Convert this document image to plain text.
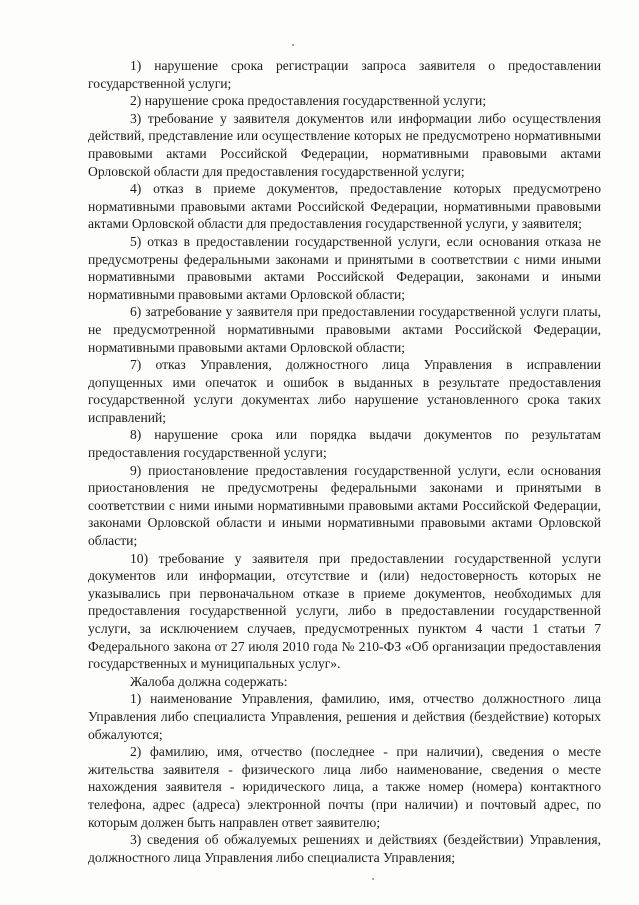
1) нарушение срока регистрации запроса заявителя о предоставлении государственной услуги;

2) нарушение срока предоставления государственной услуги;

3) требование у заявителя документов или информации либо осуществления действий, представление или осуществление которых не предусмотрено нормативными правовыми актами Российской Федерации, нормативными правовыми актами Орловской области для предоставления государственной услуги;

4) отказ в приеме документов, предоставление которых предусмотрено нормативными правовыми актами Российской Федерации, нормативными правовыми актами Орловской области для предоставления государственной услуги, у заявителя;

5) отказ в предоставлении государственной услуги, если основания отказа не предусмотрены федеральными законами и принятыми в соответствии с ними иными нормативными правовыми актами Российской Федерации, законами и иными нормативными правовыми актами Орловской области;

6) затребование у заявителя при предоставлении государственной услуги платы, не предусмотренной нормативными правовыми актами Российской Федерации, нормативными правовыми актами Орловской области;

7) отказ Управления, должностного лица Управления в исправлении допущенных ими опечаток и ошибок в выданных в результате предоставления государственной услуги документах либо нарушение установленного срока таких исправлений;

8) нарушение срока или порядка выдачи документов по результатам предоставления государственной услуги;

9) приостановление предоставления государственной услуги, если основания приостановления не предусмотрены федеральными законами и принятыми в соответствии с ними иными нормативными правовыми актами Российской Федерации, законами Орловской области и иными нормативными правовыми актами Орловской области;

10) требование у заявителя при предоставлении государственной услуги документов или информации, отсутствие и (или) недостоверность которых не указывались при первоначальном отказе в приеме документов, необходимых для предоставления государственной услуги, либо в предоставлении государственной услуги, за исключением случаев, предусмотренных пунктом 4 части 1 статьи 7 Федерального закона от 27 июля 2010 года № 210-ФЗ «Об организации предоставления государственных и муниципальных услуг».

Жалоба должна содержать:

1) наименование Управления, фамилию, имя, отчество должностного лица Управления либо специалиста Управления, решения и действия (бездействие) которых обжалуются;

2) фамилию, имя, отчество (последнее - при наличии), сведения о месте жительства заявителя - физического лица либо наименование, сведения о месте нахождения заявителя - юридического лица, а также номер (номера) контактного телефона, адрес (адреса) электронной почты (при наличии) и почтовый адрес, по которым должен быть направлен ответ заявителю;

3) сведения об обжалуемых решениях и действиях (бездействии) Управления, должностного лица Управления либо специалиста Управления;
